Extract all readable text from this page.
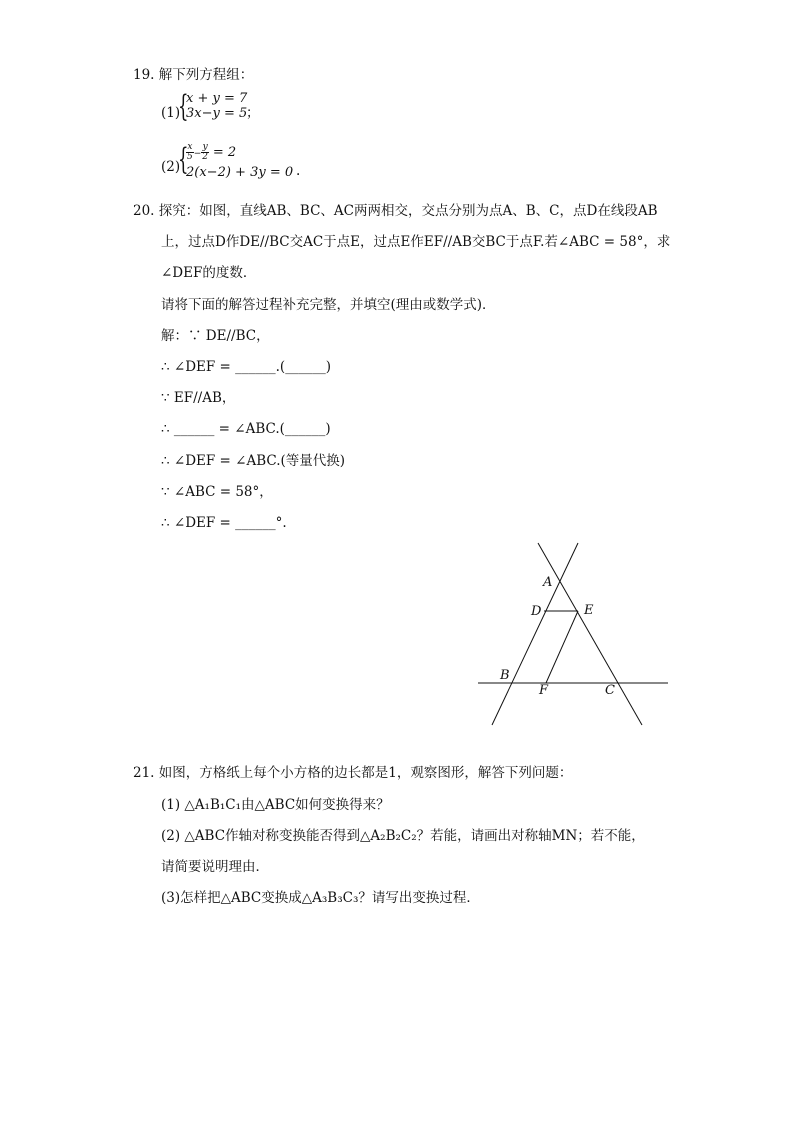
19. 解下列方程组：
(1)
{
x + y = 7
3x−y = 5
；
(2)
{
$\frac{x}{5} - \frac{y}{2} = 2$
2(x−2) + 3y = 0 .
20. 探究：如图，直线AB、BC、AC两两相交，交点分别为点A、B、C，点D在线段AB
上，过点D作DE//BC交AC于点E，过点E作EF//AB交BC于点F.若∠ABC = 58°，求
∠DEF的度数．
请将下面的解答过程补充完整，并填空(理由或数学式)．
解：∵ DE//BC，
∴ ∠DEF = ______.(______)
∵ EF//AB，
∴ ______ = ∠ABC.(______)
∴ ∠DEF = ∠ABC.(等量代换)
∵ ∠ABC = 58°，
∴ ∠DEF = ______°.
A
D	E
B
F	C
21. 如图，方格纸上每个小方格的边长都是1，观察图形，解答下列问题：
(1) △A₁B₁C₁由△ABC如何变换得来？
(2) △ABC作轴对称变换能否得到△A₂B₂C₂？若能，请画出对称轴MN；若不能，
请简要说明理由．
(3)怎样把△ABC变换成△A₃B₃C₃？请写出变换过程．
